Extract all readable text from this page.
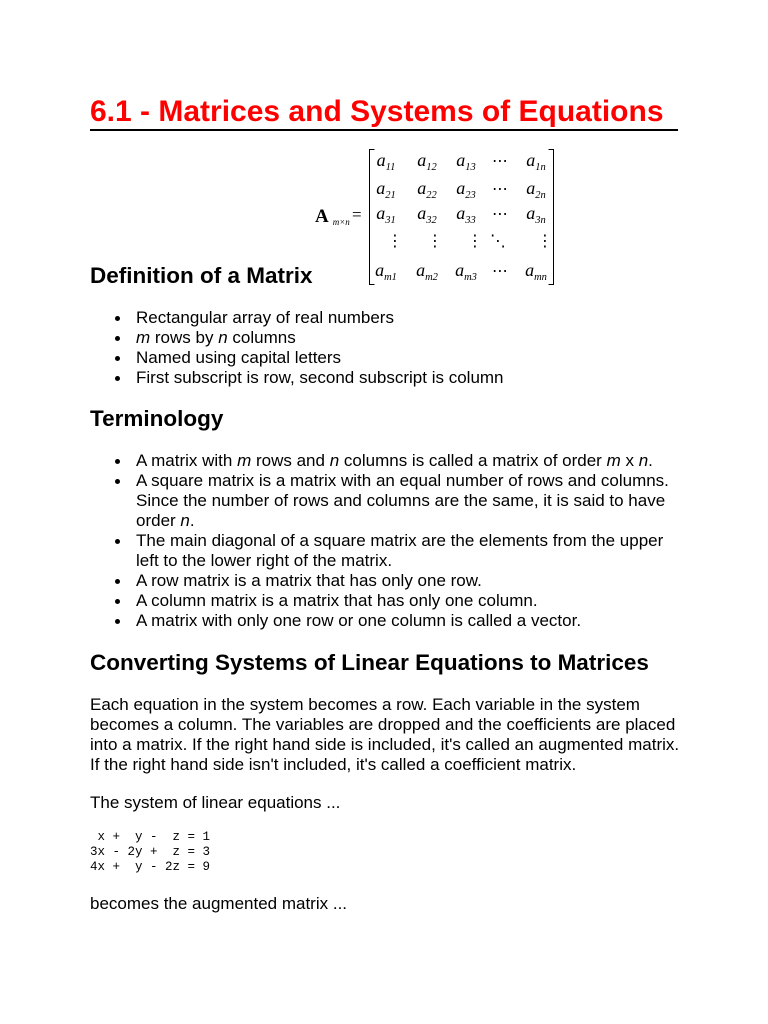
Am×n =
$a_{11}$ $a_{12}$ $a_{13}$ ⋯ $a_{1n}$
$a_{21}$ $a_{22}$ $a_{23}$ ⋯ $a_{2n}$
$a_{31}$ $a_{32}$ $a_{33}$ ⋯ $a_{3n}$
⋮ ⋮ ⋮ ⋱ ⋮
$a_{m1}$ $a_{m2}$ $a_{m3}$ ⋯ $a_{mn}$
6.1 - Matrices and Systems of Equations
Definition of a Matrix
Rectangular array of real numbers
m rows by n columns
Named using capital letters
First subscript is row, second subscript is column
Terminology
A matrix with m rows and n columns is called a matrix of order m x n.
A square matrix is a matrix with an equal number of rows and columns. Since the number of rows and columns are the same, it is said to have order n.
The main diagonal of a square matrix are the elements from the upper left to the lower right of the matrix.
A row matrix is a matrix that has only one row.
A column matrix is a matrix that has only one column.
A matrix with only one row or one column is called a vector.
Converting Systems of Linear Equations to Matrices

Each equation in the system becomes a row. Each variable in the system becomes a column. The variables are dropped and the coefficients are placed into a matrix. If the right hand side is included, it's called an augmented matrix. If the right hand side isn't included, it's called a coefficient matrix.

The system of linear equations ...

x +  y -  z = 1
3x - 2y +  z = 3
4x +  y - 2z = 9

becomes the augmented matrix ...
